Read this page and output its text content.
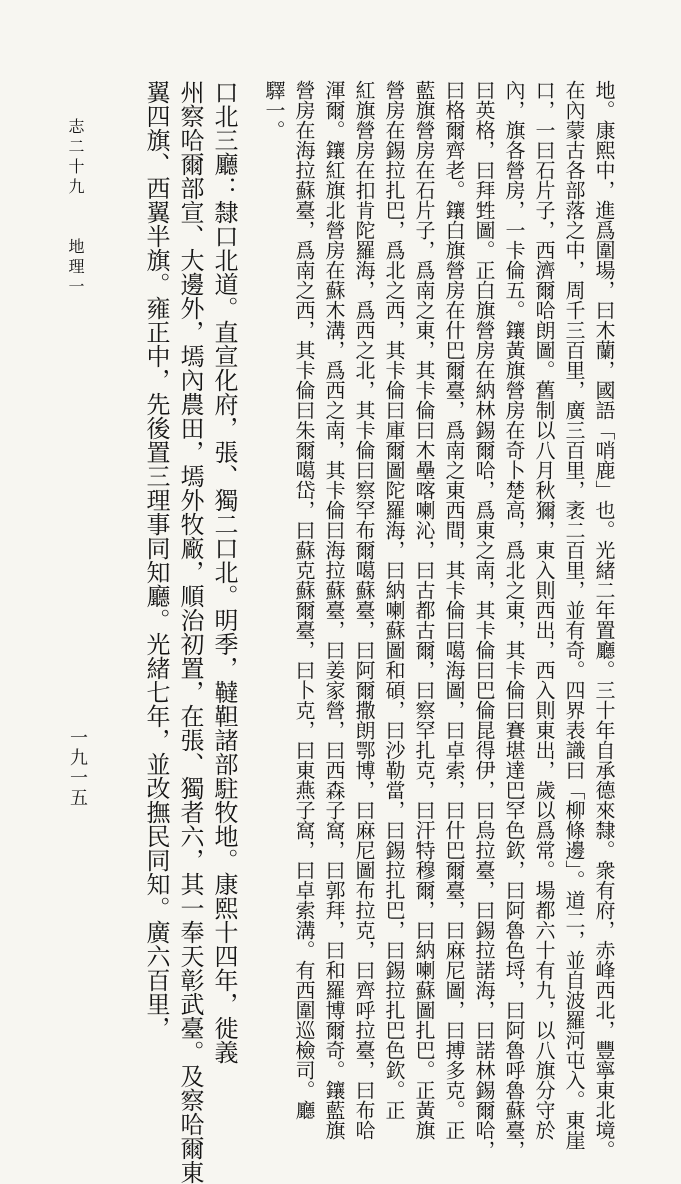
地。康熙中，進爲圍場，曰木蘭，國語「哨鹿」也。光緒二年置廳。三十年自承德來隸。衆有府，赤峰西北，豐寧東北境。
在內蒙古各部落之中，周千三百里，廣三百里，袤二百里，並有奇。四界表識曰「柳條邊」。道二，並自波羅河屯入。東崖
口，一曰石片子，西濟爾哈朗圖。舊制以八月秋獮，東入則西出，西入則東出，歲以爲常。場都六十有九，以八旗分守於
內，旗各營房，一卡倫五。鑲黃旗營房在奇卜楚高，爲北之東，其卡倫曰賽堪達巴罕色欽，曰阿魯色埒，曰阿魯呼魯蘇臺，
曰英格，曰拜甡圖。正白旗營房在納林錫爾哈，爲東之南，其卡倫曰巴倫昆得伊，曰烏拉臺，曰錫拉諾海，曰諾林錫爾哈，
曰格爾齊老。鑲白旗營房在什巴爾臺，爲南之東西間，其卡倫曰噶海圖，曰卓索，曰什巴爾臺，曰麻尼圖，曰搏多克。正
藍旗營房在石片子，爲南之東，其卡倫曰木壘喀喇沁，曰古都古爾，曰察罕扎克，曰汗特穆爾，曰納喇蘇圖扎巴。正黃旗
營房在錫拉扎巴，爲北之西，其卡倫曰庫爾圖陀羅海，曰納喇蘇圖和碩，曰沙勒當，曰錫拉扎巴，曰錫拉扎巴色欽。正
紅旗營房在扣肯陀羅海，爲西之北，其卡倫曰察罕布爾噶蘇臺，曰阿爾撒朗鄂博，曰麻尼圖布拉克，曰齊呼拉臺，曰布哈
渾爾。鑲紅旗北營房在蘇木溝，爲西之南，其卡倫曰海拉蘇臺，曰姜家營，曰西森子窩，曰郭拜，曰和羅博爾奇。鑲藍旗
營房在海拉蘇臺，爲南之西，其卡倫曰朱爾噶岱，曰蘇克蘇爾臺，曰卜克，曰東燕子窩，曰卓索溝。有西圍巡檢司。廳
驛一。
口北三廳：隸口北道。直宣化府，張、獨二口北。明季，韃靼諸部駐牧地。康熙十四年，徙義
州察哈爾部宣、大邊外，墕內農田，墕外牧廠，順治初置，在張、獨者六，其一奉天彰武臺。及察哈爾東
翼四旗、西翼半旗。雍正中，先後置三理事同知廳。光緒七年，並改撫民同知。廣六百里，
志二十九
地理一
一九一五
